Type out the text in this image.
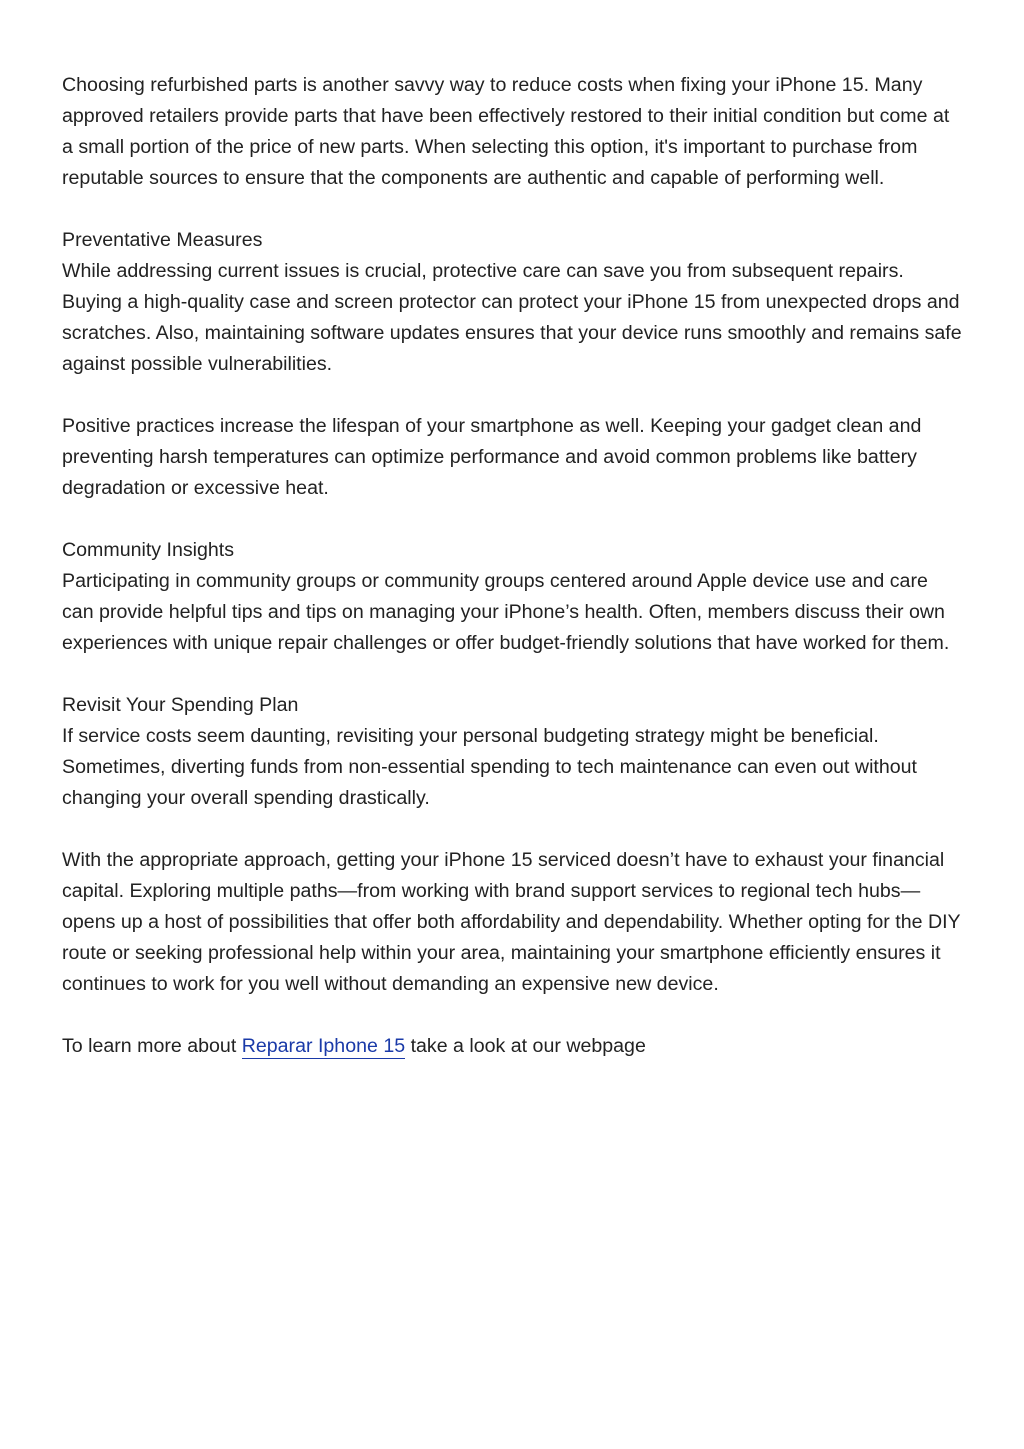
Choosing refurbished parts is another savvy way to reduce costs when fixing your iPhone 15. Many approved retailers provide parts that have been effectively restored to their initial condition but come at a small portion of the price of new parts. When selecting this option, it's important to purchase from reputable sources to ensure that the components are authentic and capable of performing well.

Preventative Measures
While addressing current issues is crucial, protective care can save you from subsequent repairs. Buying a high-quality case and screen protector can protect your iPhone 15 from unexpected drops and scratches. Also, maintaining software updates ensures that your device runs smoothly and remains safe against possible vulnerabilities.

Positive practices increase the lifespan of your smartphone as well. Keeping your gadget clean and preventing harsh temperatures can optimize performance and avoid common problems like battery degradation or excessive heat.

Community Insights
Participating in community groups or community groups centered around Apple device use and care can provide helpful tips and tips on managing your iPhone’s health. Often, members discuss their own experiences with unique repair challenges or offer budget-friendly solutions that have worked for them.

Revisit Your Spending Plan
If service costs seem daunting, revisiting your personal budgeting strategy might be beneficial. Sometimes, diverting funds from non-essential spending to tech maintenance can even out without changing your overall spending drastically.

With the appropriate approach, getting your iPhone 15 serviced doesn’t have to exhaust your financial capital. Exploring multiple paths—from working with brand support services to regional tech hubs—opens up a host of possibilities that offer both affordability and dependability. Whether opting for the DIY route or seeking professional help within your area, maintaining your smartphone efficiently ensures it continues to work for you well without demanding an expensive new device.

To learn more about Reparar Iphone 15 take a look at our webpage
